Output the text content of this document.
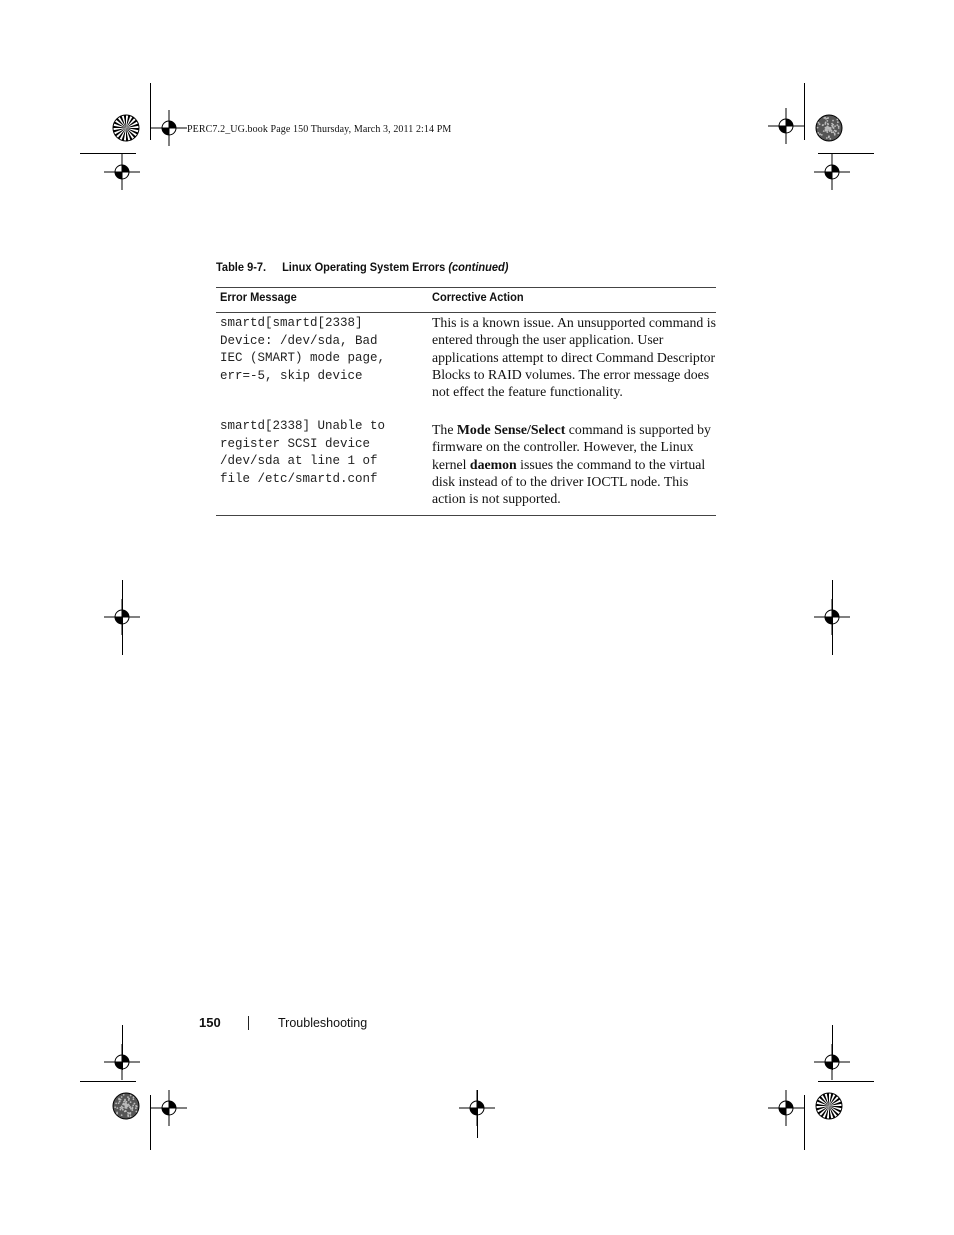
PERC7.2_UG.book Page 150 Thursday, March 3, 2011 2:14 PM
Table 9-7. Linux Operating System Errors (continued)
Error Message	Corrective Action
smartd[smartd[2338]
Device: /dev/sda, Bad
IEC (SMART) mode page,
err=-5, skip device
This is a known issue. An unsupported command is entered through the user application. User applications attempt to direct Command Descriptor Blocks to RAID volumes. The error message does not effect the feature functionality.
smartd[2338] Unable to
register SCSI device
/dev/sda at line 1 of
file /etc/smartd.conf
The Mode Sense/Select command is supported by firmware on the controller. However, the Linux kernel daemon issues the command to the virtual disk instead of to the driver IOCTL node. This action is not supported.
150	Troubleshooting
